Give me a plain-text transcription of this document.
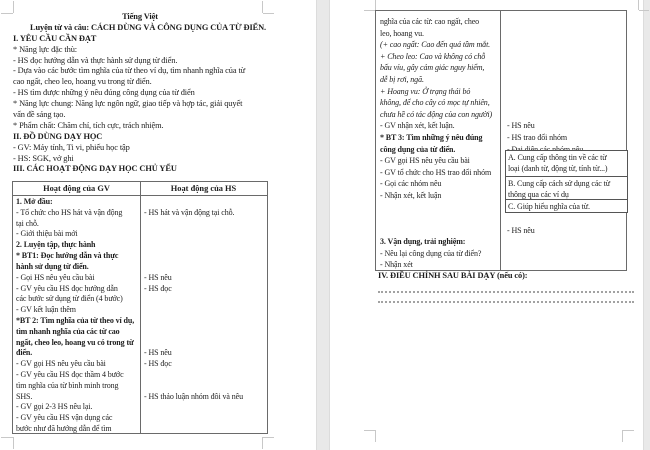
Tiếng Việt
Luyện từ và câu: CÁCH DÙNG VÀ CÔNG DỤNG CỦA TỪ ĐIỂN.
I. YÊU CẦU CẦN ĐẠT
* Năng lực đặc thù:
- HS đọc hướng dẫn và thực hành sử dụng từ điển.
- Dựa vào các bước tìm nghĩa của từ theo ví dụ, tìm nhanh nghĩa của từ
cao ngất, cheo leo, hoang vu trong từ điển.
- HS tìm được những ý nêu đúng công dụng của từ điển
* Năng lực chung: Năng lực ngôn ngữ, giao tiếp và hợp tác, giải quyết
vấn đề sáng tạo.
* Phẩm chất: Chăm chỉ, tích cực, trách nhiệm.
II. ĐỒ DÙNG DẠY HỌC
- GV: Máy tính, Ti vi, phiếu học tập
- HS: SGK, vở ghi
III. CÁC HOẠT ĐỘNG DẠY HỌC CHỦ YẾU
Hoạt động của GV	Hoạt động của HS
1. Mở đầu:
- Tổ chức cho HS hát và vận động
tại chỗ.
- Giới thiệu bài mới
2. Luyện tập, thực hành
* BT1: Đọc hướng dẫn và thực
hành sử dụng từ điển.
- Gọi HS nêu yêu cầu bài
- GV yêu cầu HS đọc hướng dẫn
các bước sử dụng từ điển (4 bước)
- GV kết luận thêm
*BT 2: Tìm nghĩa của từ theo ví dụ,
tìm nhanh nghĩa của các từ cao
ngất, cheo leo, hoang vu có trong từ
điển.
- GV gọi HS nêu yêu cầu bài
- GV yêu cầu HS đọc thầm 4 bước
tìm nghĩa của từ bình minh trong
SHS.
- GV gọi 2-3 HS nêu lại.
- GV yêu cầu HS vận dụng các
bước như đã hướng dẫn để tìm

- HS hát và vận động tại chỗ.

- HS nêu
- HS đọc

- HS nêu
- HS đọc

- HS thảo luận nhóm đôi và nêu

nghĩa của các từ: cao ngất, cheo
leo, hoang vu.
(+ cao ngất: Cao đến quá tầm mắt.
+ Cheo leo: Cao và không có chỗ
bấu víu, gây cảm giác nguy hiểm,
dễ bị rơi, ngã.
+ Hoang vu: Ở trạng thái bỏ
không, để cho cây cỏ mọc tự nhiên,
chưa hề có tác động của con người)
- GV nhận xét, kết luận.
* BT 3: Tìm những ý nêu đúng
công dụng của từ điển.
- GV gọi HS nêu yêu cầu bài
- GV tổ chức cho HS trao đổi nhóm
- Gọi các nhóm nêu
- Nhận xét, kết luận

3. Vận dụng, trải nghiệm:
- Nêu lại công dụng của từ điển?
- Nhận xét

- HS nêu
- HS trao đổi nhóm

- HS nêu

A. Cung cấp thông tin về các từ
loại (danh từ, động từ, tính từ...)
B. Cung cấp cách sử dụng các từ
thông qua các ví dụ
C. Giúp hiểu nghĩa của từ.
IV. ĐIỀU CHỈNH SAU BÀI DẠY (nếu có):
